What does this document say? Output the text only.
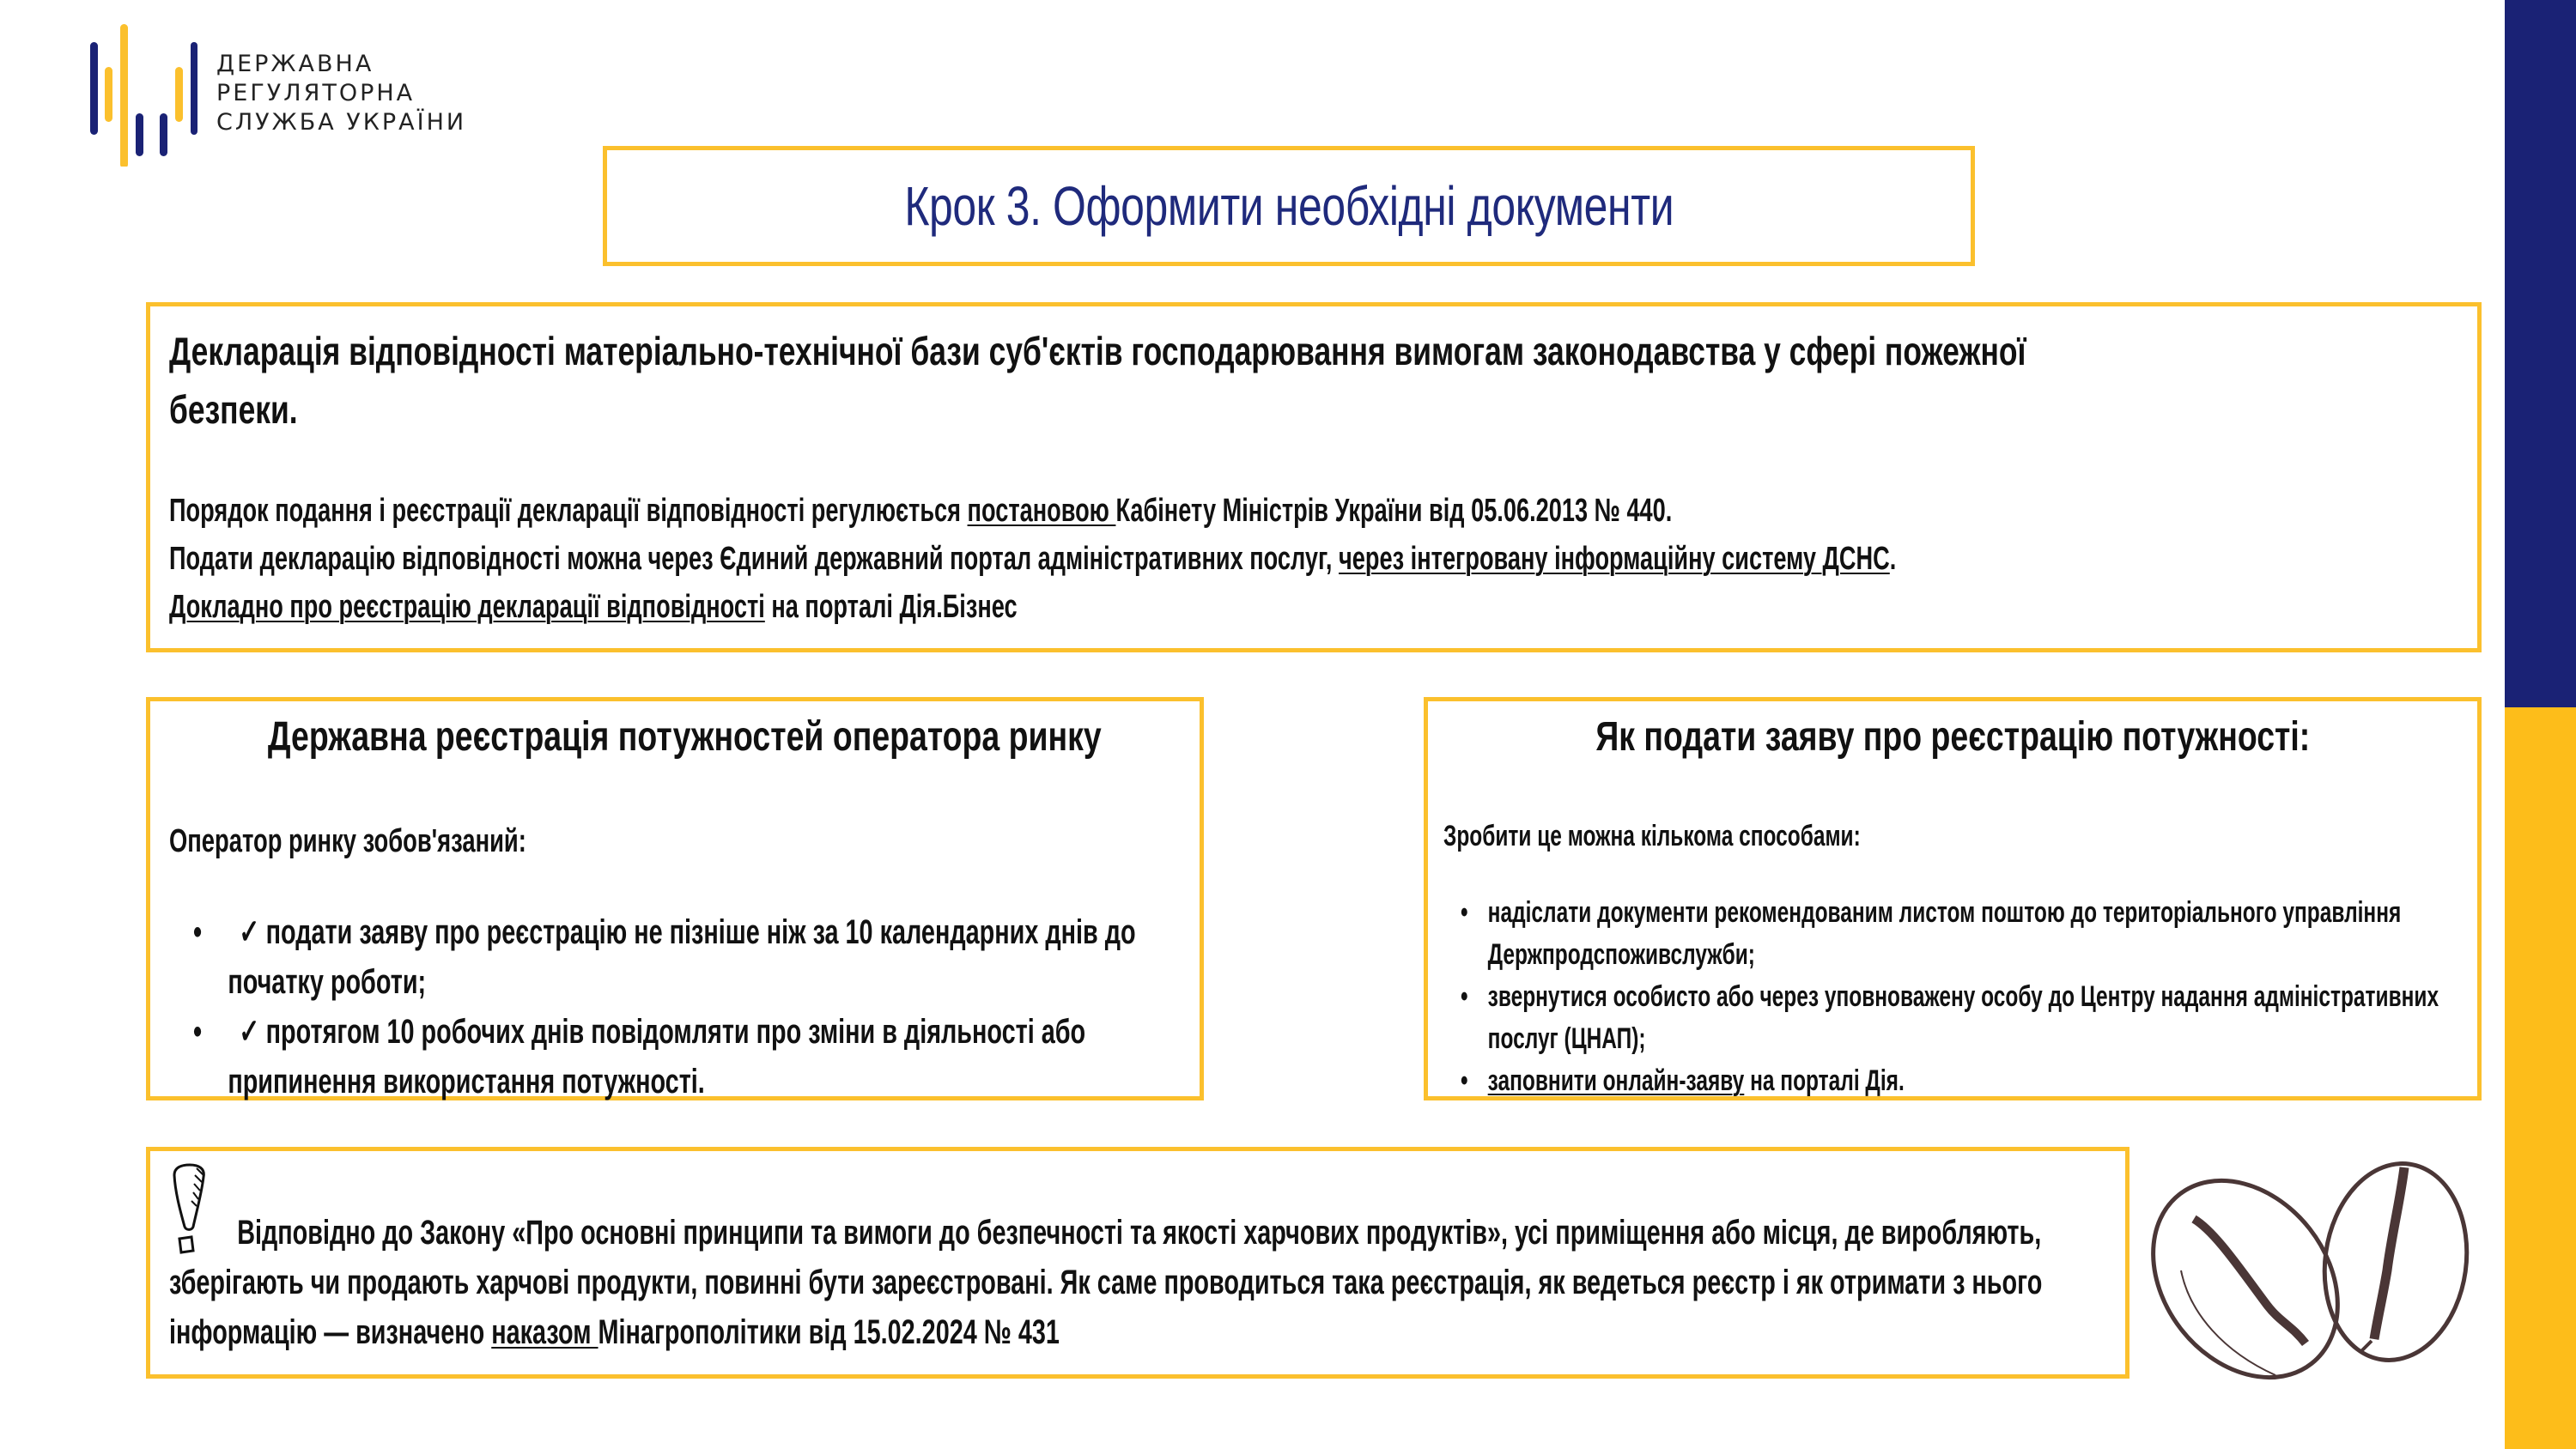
ДЕРЖАВНА
РЕГУЛЯТОРНА
СЛУЖБА УКРАЇНИ
Крок 3. Оформити необхідні документи
Декларація відповідності матеріально-технічної бази суб'єктів господарювання вимогам законодавства у сфері пожежної безпеки.
Порядок подання і реєстрації декларації відповідності регулюється постановою Кабінету Міністрів України від 05.06.2013 № 440.
Подати декларацію відповідності можна через Єдиний державний портал адміністративних послуг, через інтегровану інформаційну систему ДСНС.
Докладно про реєстрацію декларації відповідності на порталі Дія.Бізнес
Державна реєстрація потужностей оператора ринку
Оператор ринку зобов'язаний:
• ✓ подати заяву про реєстрацію не пізніше ніж за 10 календарних днів до початку роботи;
• ✓ протягом 10 робочих днів повідомляти про зміни в діяльності або припинення використання потужності.
Як подати заяву про реєстрацію потужності:
Зробити це можна кількома способами:
• надіслати документи рекомендованим листом поштою до територіального управління Держпродспоживслужби;
• звернутися особисто або через уповноважену особу до Центру надання адміністративних послуг (ЦНАП);
• заповнити онлайн-заяву на порталі Дія.
Відповідно до Закону «Про основні принципи та вимоги до безпечності та якості харчових продуктів», усі приміщення або місця, де виробляють, зберігають чи продають харчові продукти, повинні бути зареєстровані. Як саме проводиться така реєстрація, як ведеться реєстр і як отримати з нього інформацію — визначено наказом Мінагрополітики від 15.02.2024 № 431
